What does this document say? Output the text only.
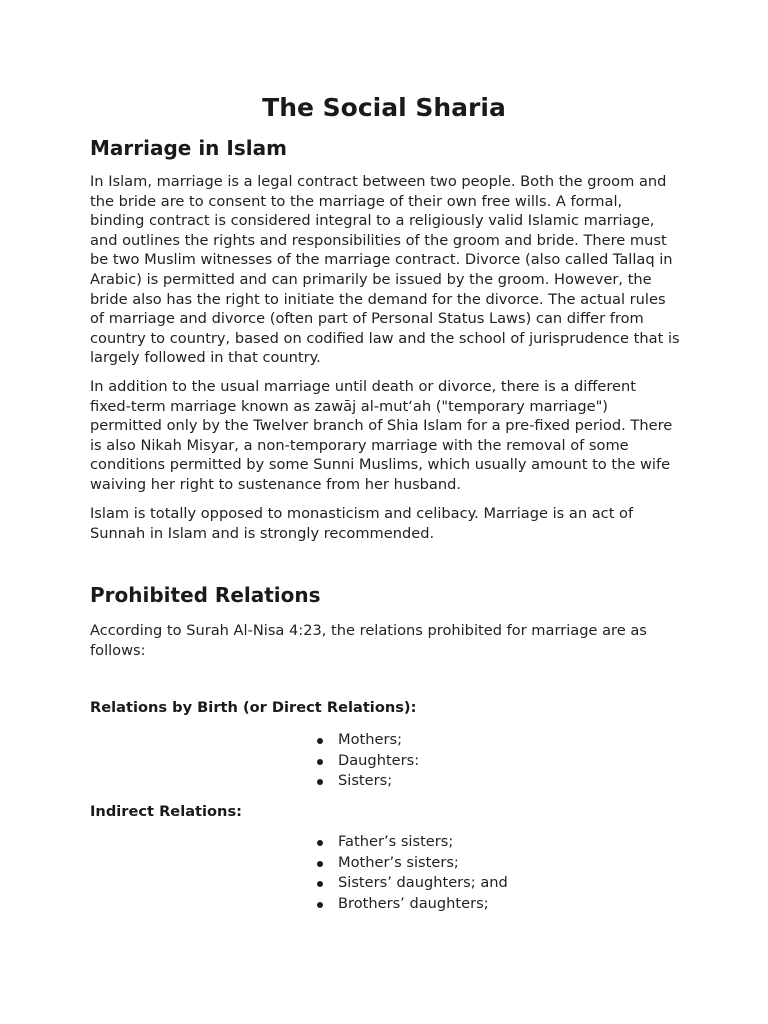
The Social Sharia
Marriage in Islam

In Islam, marriage is a legal contract between two people. Both the groom and the bride are to consent to the marriage of their own free wills. A formal, binding contract is considered integral to a religiously valid Islamic marriage, and outlines the rights and responsibilities of the groom and bride. There must be two Muslim witnesses of the marriage contract. Divorce (also called Tallaq in Arabic) is permitted and can primarily be issued by the groom. However, the bride also has the right to initiate the demand for the divorce. The actual rules of marriage and divorce (often part of Personal Status Laws) can differ from country to country, based on codified law and the school of jurisprudence that is largely followed in that country.

In addition to the usual marriage until death or divorce, there is a different fixed-term marriage known as zawāj al-mut‘ah ("temporary marriage") permitted only by the Twelver branch of Shia Islam for a pre-fixed period. There is also Nikah Misyar, a non-temporary marriage with the removal of some conditions permitted by some Sunni Muslims, which usually amount to the wife waiving her right to sustenance from her husband.

Islam is totally opposed to monasticism and celibacy. Marriage is an act of Sunnah in Islam and is strongly recommended.

Prohibited Relations

According to Surah Al-Nisa 4:23, the relations prohibited for marriage are as follows:

Relations by Birth (or Direct Relations):
Mothers;
Daughters:
Sisters;
Indirect Relations:
Father’s sisters;
Mother’s sisters;
Sisters’ daughters; and
Brothers’ daughters;
